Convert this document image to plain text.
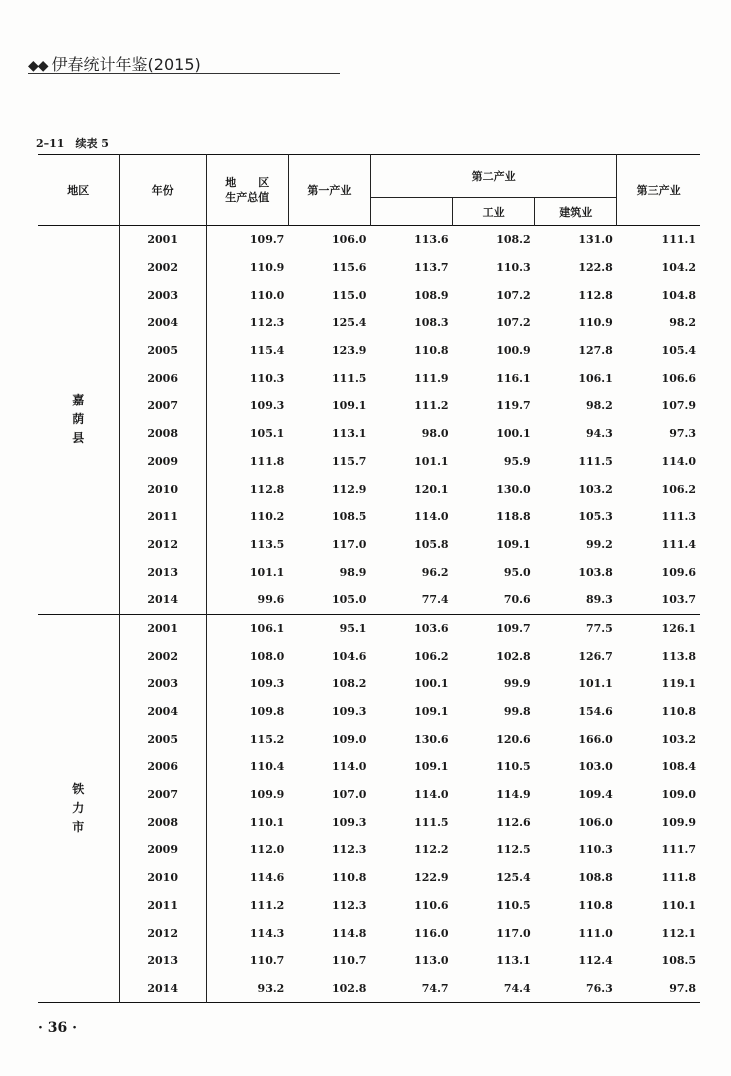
◆◆ 伊春统计年鉴(2015)
2–11　续表 5
地区	年份	地　　区
生产总值	第一产业	第二产业			第三产业
					工业	建筑业	
嘉
荫
县	2001	109.7	106.0	113.6	108.2	131.0	111.1
	2002	110.9	115.6	113.7	110.3	122.8	104.2
	2003	110.0	115.0	108.9	107.2	112.8	104.8
	2004	112.3	125.4	108.3	107.2	110.9	98.2
	2005	115.4	123.9	110.8	100.9	127.8	105.4
	2006	110.3	111.5	111.9	116.1	106.1	106.6
	2007	109.3	109.1	111.2	119.7	98.2	107.9
	2008	105.1	113.1	98.0	100.1	94.3	97.3
	2009	111.8	115.7	101.1	95.9	111.5	114.0
	2010	112.8	112.9	120.1	130.0	103.2	106.2
	2011	110.2	108.5	114.0	118.8	105.3	111.3
	2012	113.5	117.0	105.8	109.1	99.2	111.4
	2013	101.1	98.9	96.2	95.0	103.8	109.6
	2014	99.6	105.0	77.4	70.6	89.3	103.7
铁
力
市	2001	106.1	95.1	103.6	109.7	77.5	126.1
	2002	108.0	104.6	106.2	102.8	126.7	113.8
	2003	109.3	108.2	100.1	99.9	101.1	119.1
	2004	109.8	109.3	109.1	99.8	154.6	110.8
	2005	115.2	109.0	130.6	120.6	166.0	103.2
	2006	110.4	114.0	109.1	110.5	103.0	108.4
	2007	109.9	107.0	114.0	114.9	109.4	109.0
	2008	110.1	109.3	111.5	112.6	106.0	109.9
	2009	112.0	112.3	112.2	112.5	110.3	111.7
	2010	114.6	110.8	122.9	125.4	108.8	111.8
	2011	111.2	112.3	110.6	110.5	110.8	110.1
	2012	114.3	114.8	116.0	117.0	111.0	112.1
	2013	110.7	110.7	113.0	113.1	112.4	108.5
	2014	93.2	102.8	74.7	74.4	76.3	97.8
· 36 ·
